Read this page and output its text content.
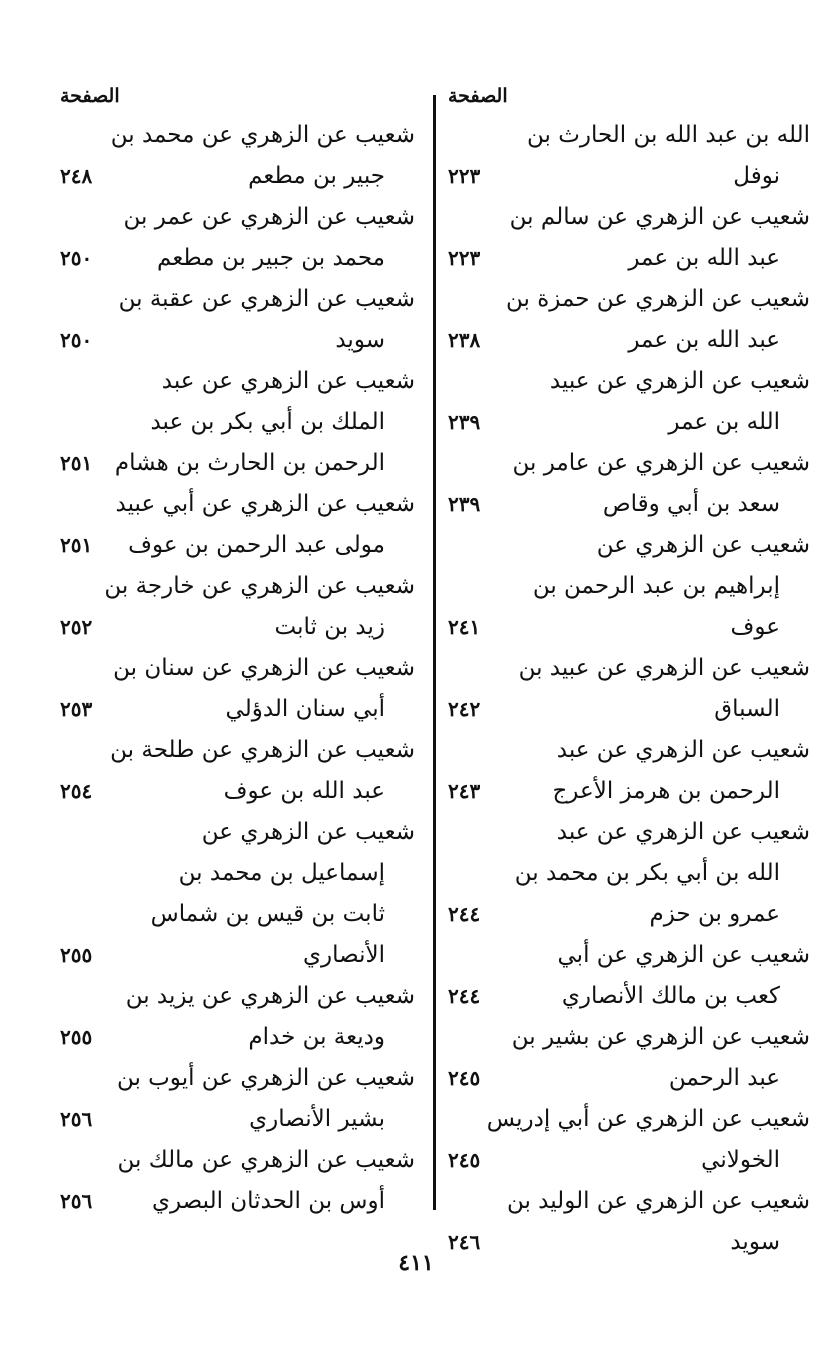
الصفحة
الله بن عبد الله بن الحارث بن
نوفل
٢٢٣
شعيب عن الزهري عن سالم بن
عبد الله بن عمر
٢٢٣
شعيب عن الزهري عن حمزة بن
عبد الله بن عمر
٢٣٨
شعيب عن الزهري عن عبيد
الله بن عمر
٢٣٩
شعيب عن الزهري عن عامر بن
سعد بن أبي وقاص
٢٣٩
شعيب عن الزهري عن
إبراهيم بن عبد الرحمن بن
عوف
٢٤١
شعيب عن الزهري عن عبيد بن
السباق
٢٤٢
شعيب عن الزهري عن عبد
الرحمن بن هرمز الأعرج
٢٤٣
شعيب عن الزهري عن عبد
الله بن أبي بكر بن محمد بن
عمرو بن حزم
٢٤٤
شعيب عن الزهري عن أبي
كعب بن مالك الأنصاري
٢٤٤
شعيب عن الزهري عن بشير بن
عبد الرحمن
٢٤٥
شعيب عن الزهري عن أبي إدريس
الخولاني
٢٤٥
شعيب عن الزهري عن الوليد بن
سويد
٢٤٦
الصفحة
شعيب عن الزهري عن محمد بن
جبير بن مطعم
٢٤٨
شعيب عن الزهري عن عمر بن
محمد بن جبير بن مطعم
٢٥٠
شعيب عن الزهري عن عقبة بن
سويد
٢٥٠
شعيب عن الزهري عن عبد
الملك بن أبي بكر بن عبد
الرحمن بن الحارث بن هشام
٢٥١
شعيب عن الزهري عن أبي عبيد
مولى عبد الرحمن بن عوف
٢٥١
شعيب عن الزهري عن خارجة بن
زيد بن ثابت
٢٥٢
شعيب عن الزهري عن سنان بن
أبي سنان الدؤلي
٢٥٣
شعيب عن الزهري عن طلحة بن
عبد الله بن عوف
٢٥٤
شعيب عن الزهري عن
إسماعيل بن محمد بن
ثابت بن قيس بن شماس
الأنصاري
٢٥٥
شعيب عن الزهري عن يزيد بن
وديعة بن خدام
٢٥٥
شعيب عن الزهري عن أيوب بن
بشير الأنصاري
٢٥٦
شعيب عن الزهري عن مالك بن
أوس بن الحدثان البصري
٢٥٦
٤١١
